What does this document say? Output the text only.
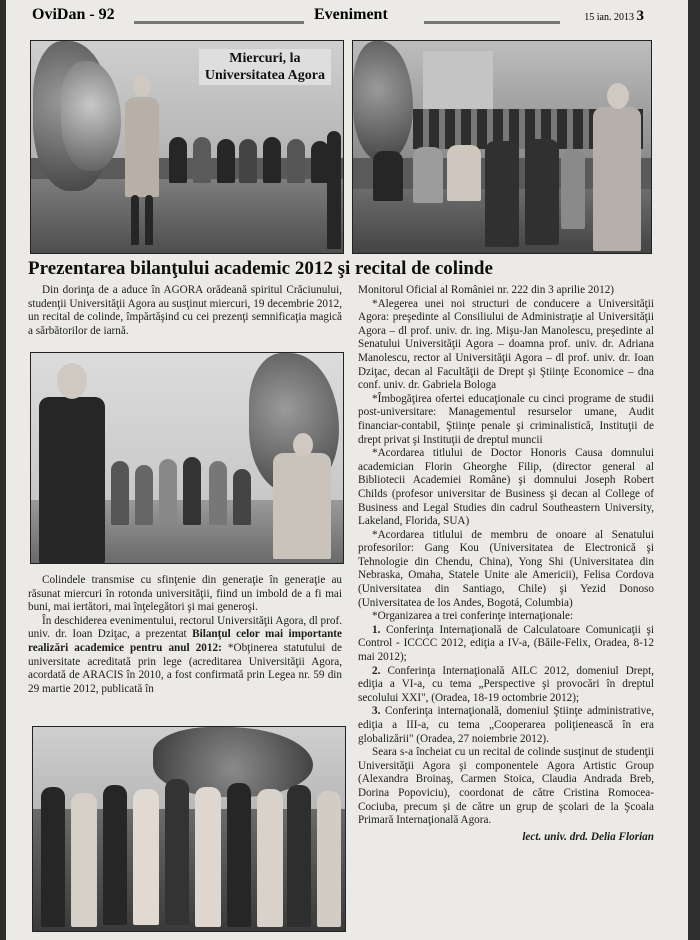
OviDan - 92	Eveniment	15 ian. 2013 3
Miercuri, la
Universitatea Agora
Prezentarea bilanţului academic 2012 şi recital de colinde

Din dorinţa de a aduce în AGORA orădeană spiritul Crăciunului, studenţii Universităţii Agora au susţinut miercuri, 19 decembrie 2012, un recital de colinde, împărtăşind cu cei prezenţi semnificaţia magică a sărbătorilor de iarnă.

Colindele transmise cu sfinţenie din generaţie în generaţie au răsunat miercuri în rotonda universităţii, fiind un imbold de a fi mai buni, mai iertători, mai înţelegători şi mai generoşi.

În deschiderea evenimentului, rectorul Universităţii Agora, dl prof. univ. dr. Ioan Dziţac, a prezentat Bilanţul celor mai importante realizări academice pentru anul 2012: *Obţinerea statutului de universitate acreditată prin lege (acreditarea Universităţii Agora, acordată de ARACIS în 2010, a fost confirmată prin Legea nr. 59 din 29 martie 2012, publicată în

Monitorul Oficial al României nr. 222 din 3 aprilie 2012)

*Alegerea unei noi structuri de conducere a Universităţii Agora: preşedinte al Consiliului de Administraţie al Universităţii Agora – dl prof. univ. dr. ing. Mişu-Jan Manolescu, preşedinte al Senatului Universităţii Agora – doamna prof. univ. dr. Adriana Manolescu, rector al Universităţii Agora – dl prof. univ. dr. Ioan Dziţac, decan al Facultăţii de Drept şi Ştiinţe Economice – dna conf. univ. dr. Gabriela Bologa

*Îmbogăţirea ofertei educaţionale cu cinci programe de studii post-universitare: Managementul resurselor umane, Audit financiar-contabil, Ştiinţe penale şi criminalistică, Instituţii de drept privat şi Instituţii de dreptul muncii

*Acordarea titlului de Doctor Honoris Causa domnului academician Florin Gheorghe Filip, (director general al Bibliotecii Academiei Române) şi domnului Joseph Robert Childs (profesor universitar de Business şi decan al College of Business and Legal Studies din cadrul Southeastern University, Lakeland, Florida, SUA)

*Acordarea titlului de membru de onoare al Senatului profesorilor: Gang Kou (Universitatea de Electronică şi Tehnologie din Chendu, China), Yong Shi (Universitatea din Nebraska, Omaha, Statele Unite ale Americii), Felisa Cordova (Universitatea din Santiago, Chile) şi Yezid Donoso (Universitatea de los Andes, Bogotá, Columbia)

*Organizarea a trei conferinţe internaţionale:

1. Conferinţa Internaţională de Calculatoare Comunicaţii şi Control - ICCCC 2012, ediţia a IV-a, (Băile-Felix, Oradea, 8-12 mai 2012);

2. Conferinţa Internaţională AILC 2012, domeniul Drept, ediţia a VI-a, cu tema „Perspective şi provocări în dreptul secolului XXI", (Oradea, 18-19 octombrie 2012);

3. Conferinţa internaţională, domeniul Ştiinţe administrative, ediţia a III-a, cu tema „Cooperarea poliţienească în era globalizării" (Oradea, 27 noiembrie 2012).

Seara s-a încheiat cu un recital de colinde susţinut de studenţii Universităţii Agora şi componentele Agora Artistic Group (Alexandra Broinaş, Carmen Stoica, Claudia Andrada Breb, Dorina Popoviciu), coordonat de către Cristina Romocea-Cociuba, precum şi de către un grup de şcolari de la Şcoala Primară Internaţională Agora.

lect. univ. drd. Delia Florian
